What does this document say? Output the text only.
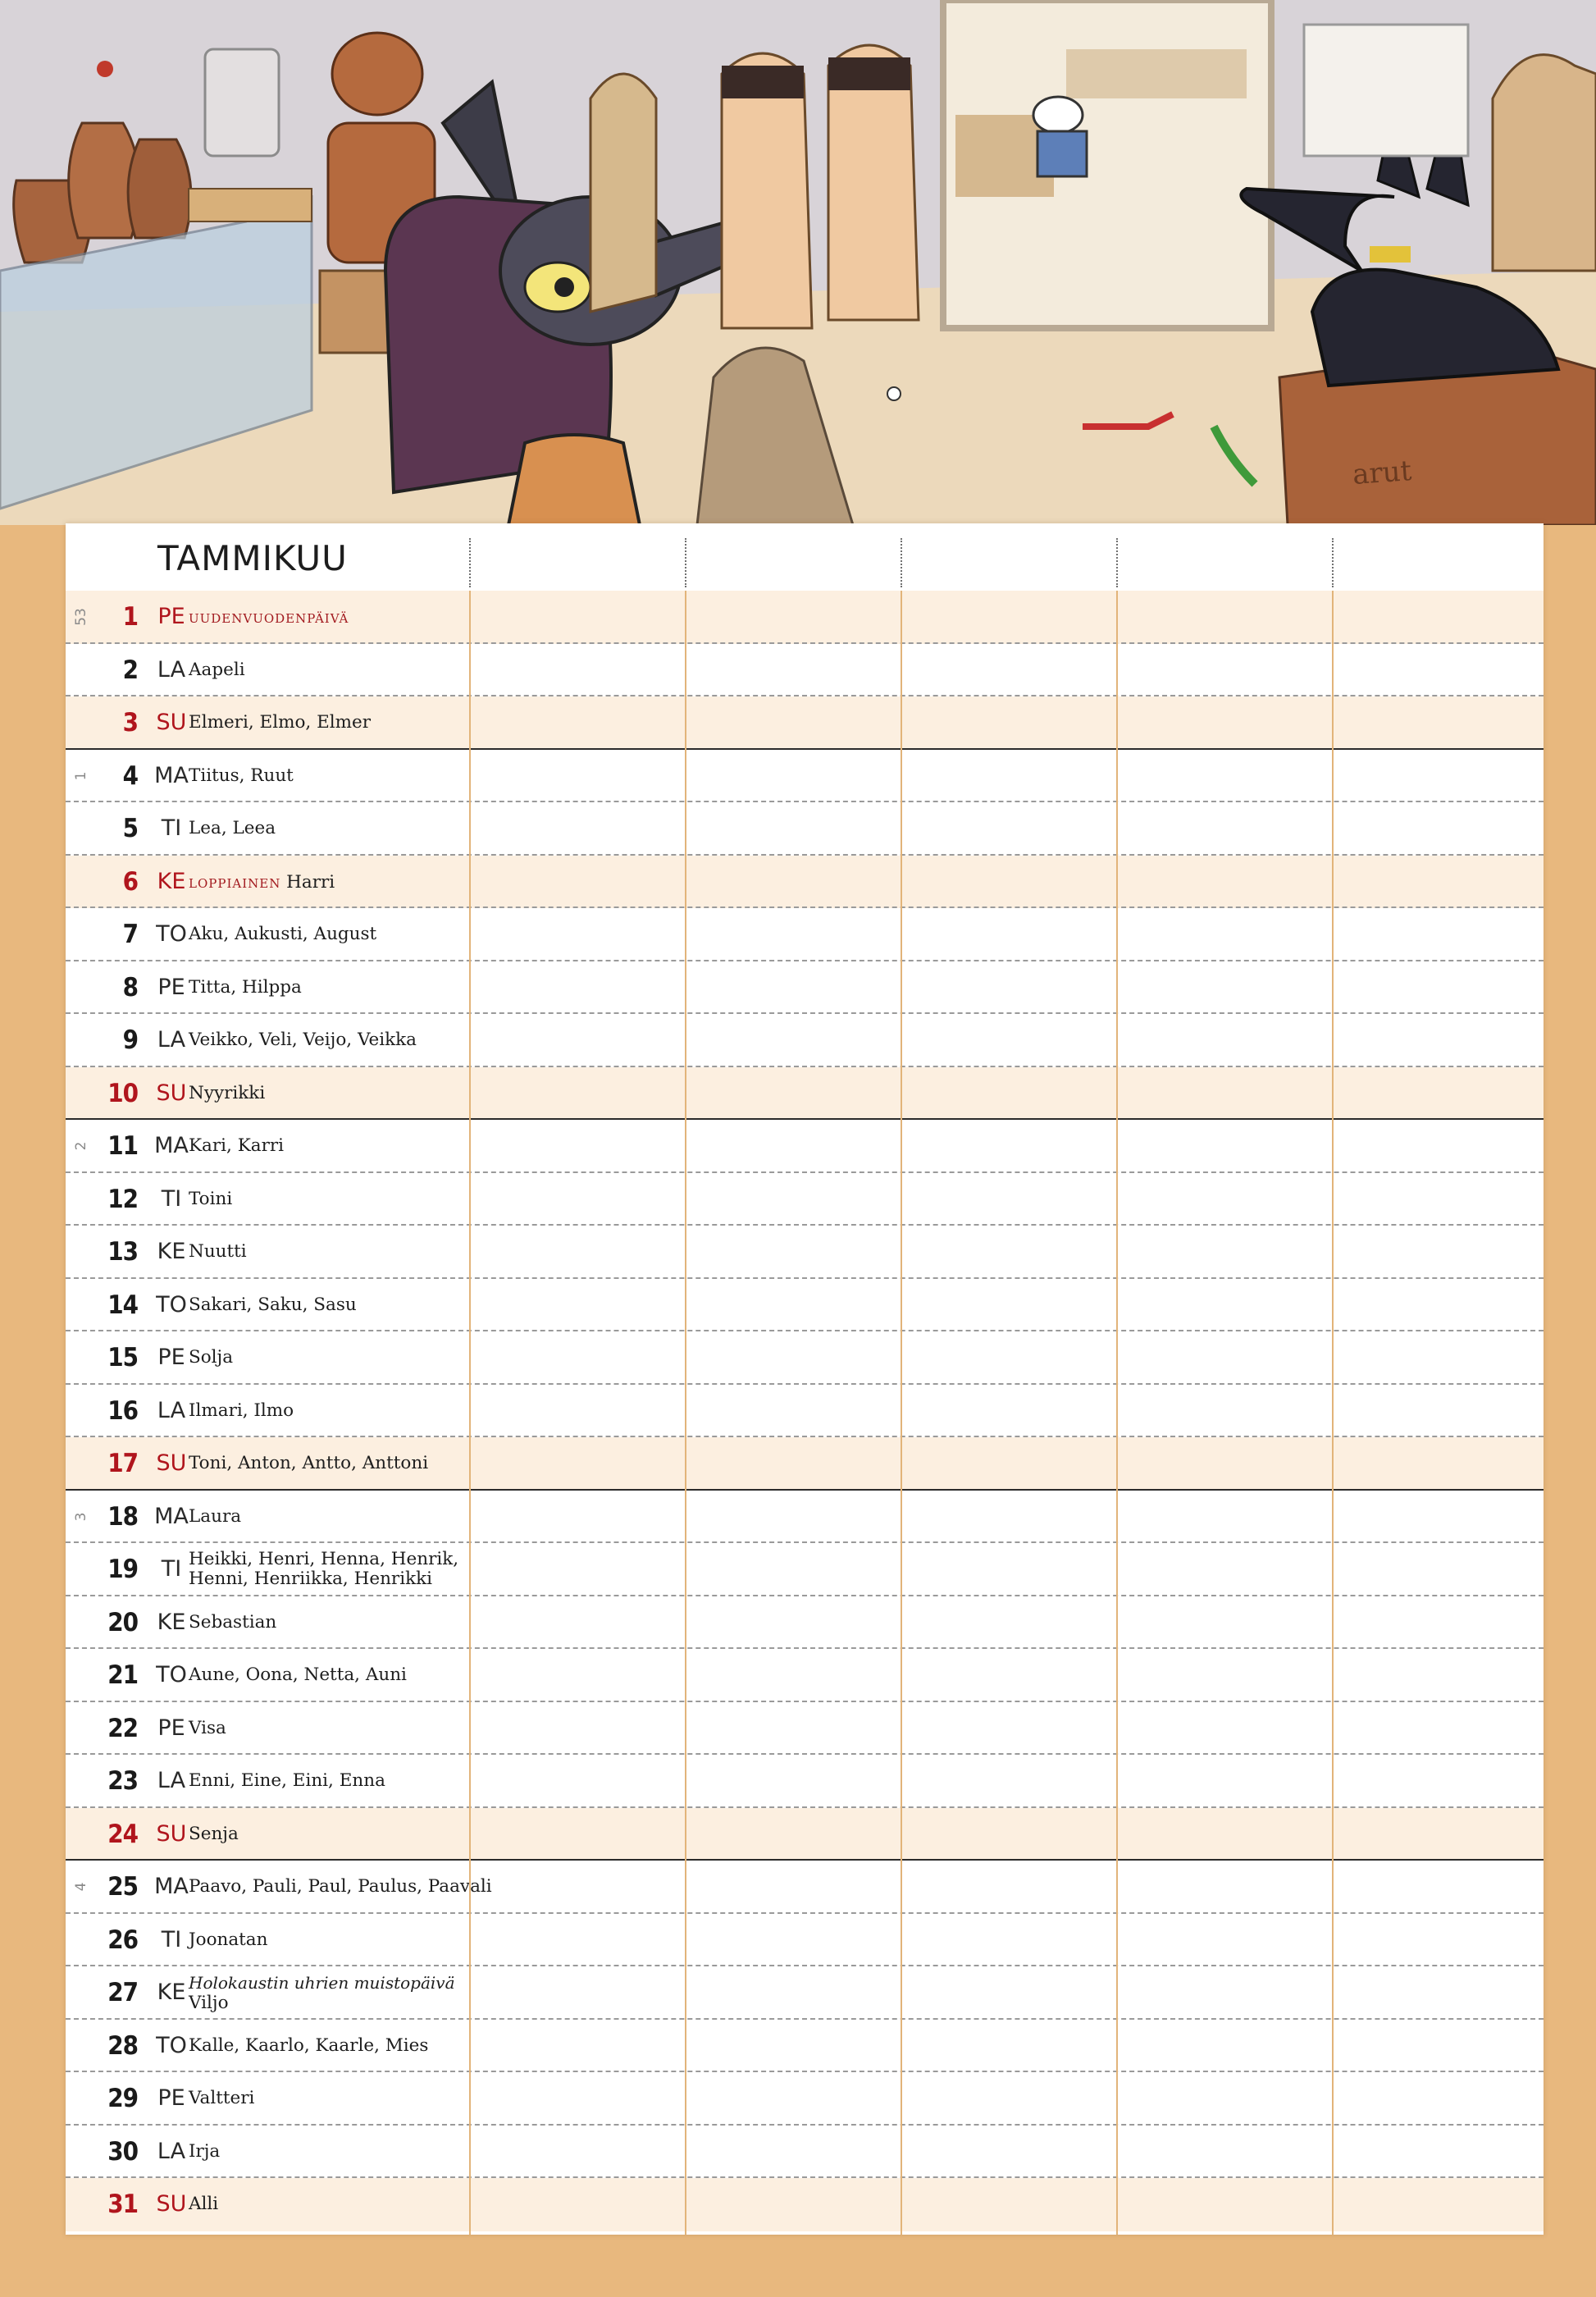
arut
TAMMIKUU
53	1 PE uudenvuodenpäivä
2 LA Aapeli
3 SU Elmeri, Elmo, Elmer
1	4 MA Tiitus, Ruut
5	TI Lea, Leea
6 KE loppiainen Harri
7 TO Aku, Aukusti, August
8 PE Titta, Hilppa
9 LA Veikko, Veli, Veijo, Veikka
10 SU Nyyrikki
2 11 MA Kari, Karri
12	TI Toini
13 KE Nuutti
14 TO Sakari, Saku, Sasu
15 PE Solja
16 LA Ilmari, Ilmo
17 SU Toni, Anton, Antto, Anttoni
3 18 MA Laura
19	TI Heikki, Henri, Henna, Henrik,
Henni, Henriikka, Henrikki
20 KE Sebastian
21 TO Aune, Oona, Netta, Auni
22 PE Visa
23 LA Enni, Eine, Eini, Enna
24 SU Senja
4 25 MA Paavo, Pauli, Paul, Paulus, Paavali
26	TI Joonatan
27 KE Holokaustin uhrien muistopäivä
Viljo
28 TO Kalle, Kaarlo, Kaarle, Mies
29 PE Valtteri
30 LA Irja
31 SU Alli
